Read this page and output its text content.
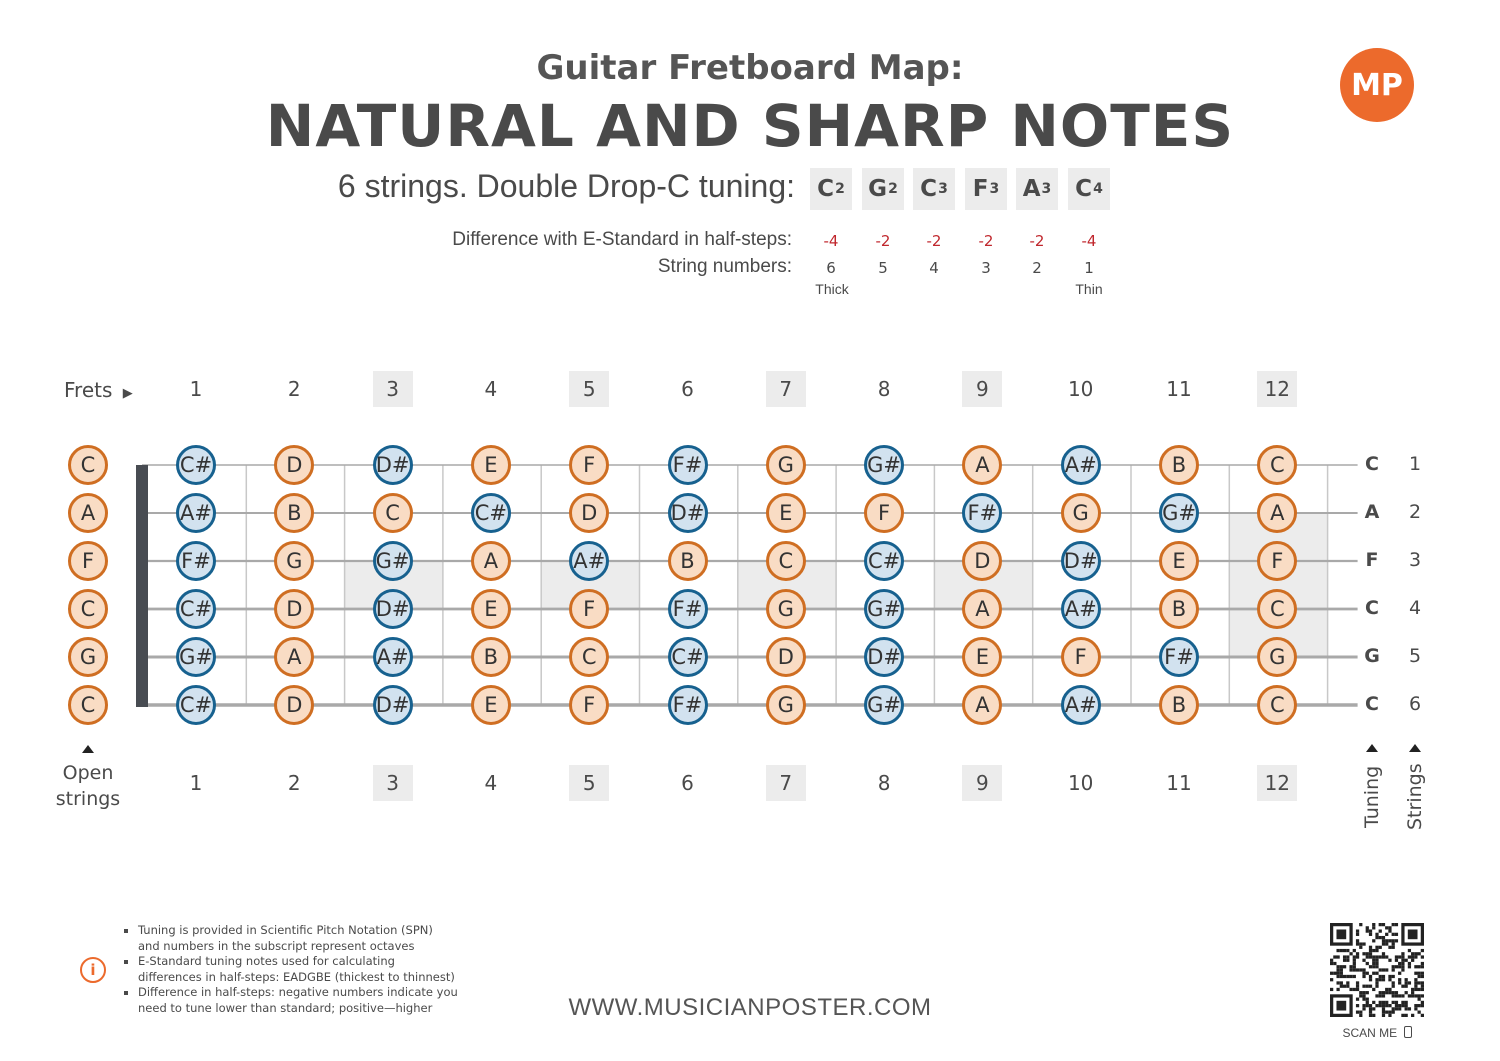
Guitar Fretboard Map:
NATURAL AND SHARP NOTES
MP
6 strings. Double Drop-C tuning: C 2 G 2 C 3 F 3 A 3 C 4
Difference with E-Standard in half-steps:
String numbers:
-4	-2	-2	-2	-2	-4
6	5	4	3	2	1
Thick	Thin
Frets ▶	1	2	3	4	5	6	7	8	9	10	11	12
1	2	3	4	5	6	7	8	9	10	11	12
C#	D	D#	E	F	F#	G	G#	A	A#	B	C
A#	B	C	C#	D	D#	E	F	F#	G	G#	A
F#	G	G#	A	A#	B	C	C#	D	D#	E	F
C#	D	D#	E	F	F#	G	G#	A	A#	B	C
G#	A	A#	B	C	C#	D	D#	E	F	F#	G
C#	D	D#	E	F	F#	G	G#	A	A#	B	C
C
A
F
C
G
C
Open
strings
C	1
A	2
F	3
C	4
G	5
C	6
Tuning Strings
i
▪ Tuning is provided in Scientific Pitch Notation (SPN) and numbers in the subscript represent octaves
▪ E-Standard tuning notes used for calculating differences in half-steps: EADGBE (thickest to thinnest)
▪ Difference in half-steps: negative numbers indicate you need to tune lower than standard; positive—higher	WWW.MUSICIANPOSTER.COM
SCAN ME
